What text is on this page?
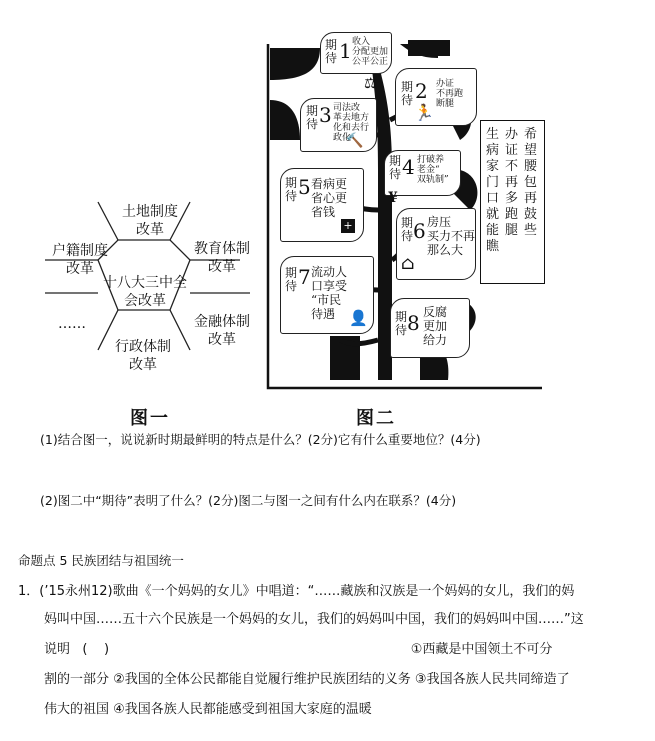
十八大三中全
会改革
土地制度
改革
教育体制
改革
金融体制
改革
行政体制
改革
……
户籍制度
改革
图一
期待 1 收入
分配更加
公平公正
⚖ 期待 2 办证
不再跑
断腿
🏃
期待 3 司法改
革去地方
化和去行
政化
🔨
期待 4 打破养
老金“
双轨制”
¥
期待 5 看病更
省心更
省钱
+	期待 6 房压
买力不再
那么大
⌂
期待 7 流动人
口享受
“市民
待遇 👤 期待 8 反腐
更加
给力
生病家门口就能瞧
办证不再多跑腿
希望腰包再鼓些
图二
(1)结合图一，说说新时期最鲜明的特点是什么？(2分)它有什么重要地位？(4分)
(2)图二中“期待”表明了什么？(2分)图二与图一之间有什么内在联系？(4分)
命题点 5 民族团结与祖国统一
1．(’15永州12)歌曲《一个妈妈的女儿》中唱道：“……藏族和汉族是一个妈妈的女儿，我们的妈
妈叫中国……五十六个民族是一个妈妈的女儿，我们的妈妈叫中国，我们的妈妈叫中国……”这
说明   (    )                                                                         ①西藏是中国领土不可分
割的一部分 ②我国的全体公民都能自觉履行维护民族团结的义务 ③我国各族人民共同缔造了
伟大的祖国 ④我国各族人民都能感受到祖国大家庭的温暖
